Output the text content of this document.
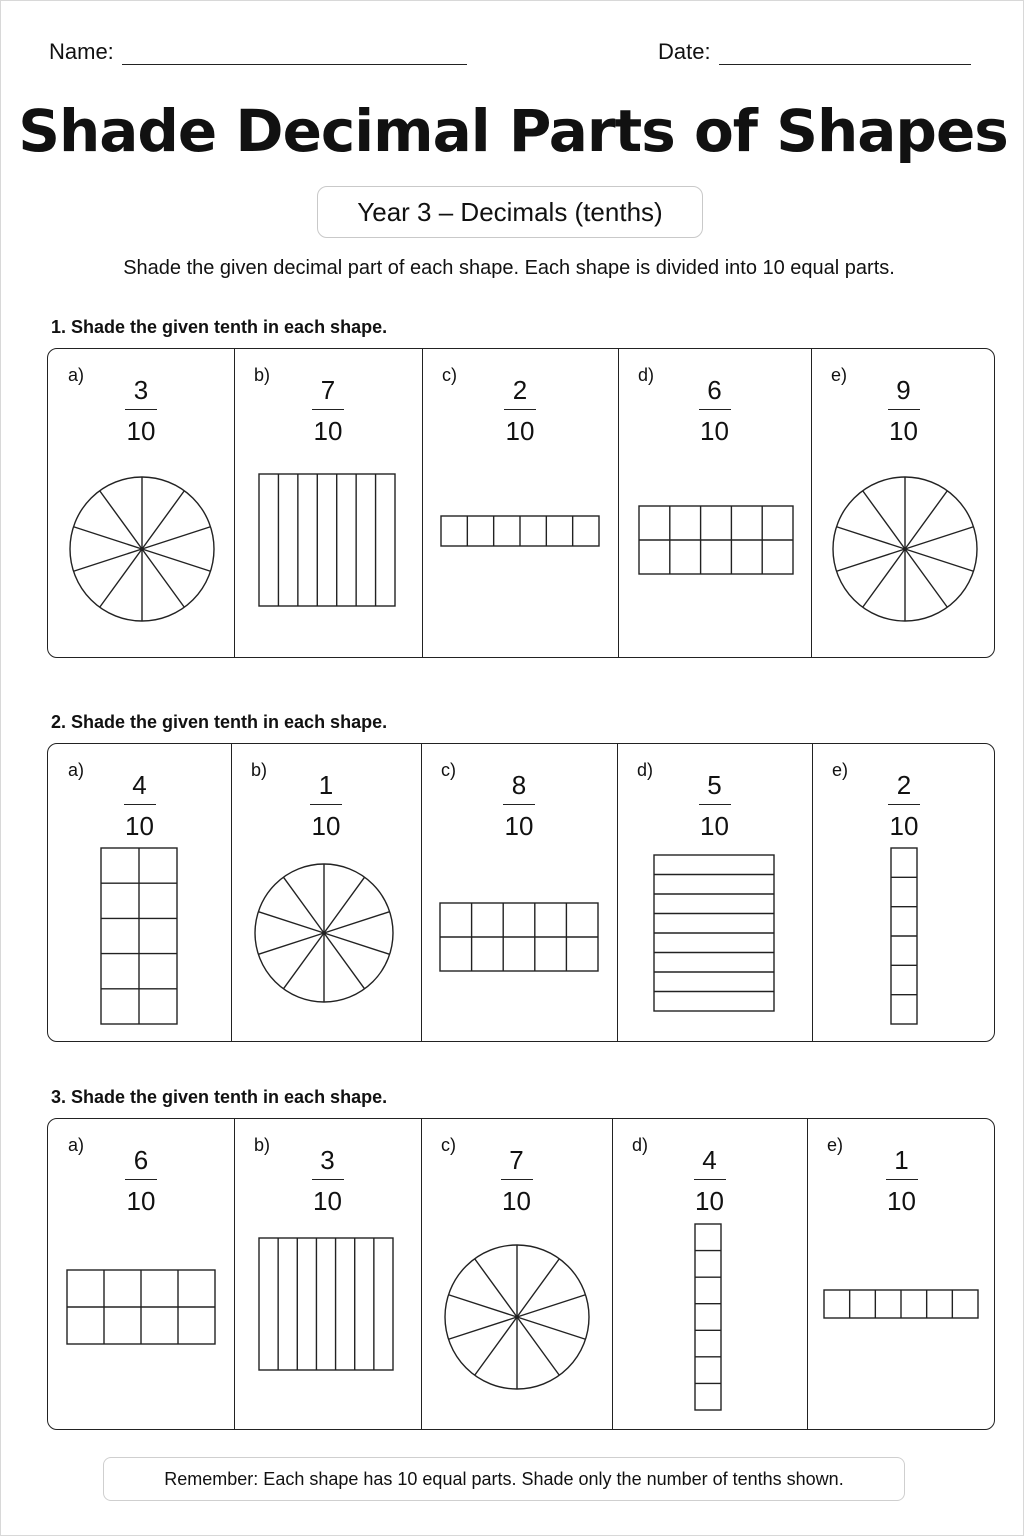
Name:	Date:
Shade Decimal Parts of Shapes
Year 3 – Decimals (tenths)
Shade the given decimal part of each shape. Each shape is divided into 10 equal parts.
1. Shade the given tenth in each shape.
a) 3
10
b) 7
10
c) 2
10
d) 6
10
e) 9
10
2. Shade the given tenth in each shape.
a) 4
10
b) 1
10
c) 8
10
d) 5
10
e) 2
10
3. Shade the given tenth in each shape.
a) 6
10
b) 3
10
c) 7
10
d) 4
10
e) 1
10
Remember: Each shape has 10 equal parts. Shade only the number of tenths shown.
